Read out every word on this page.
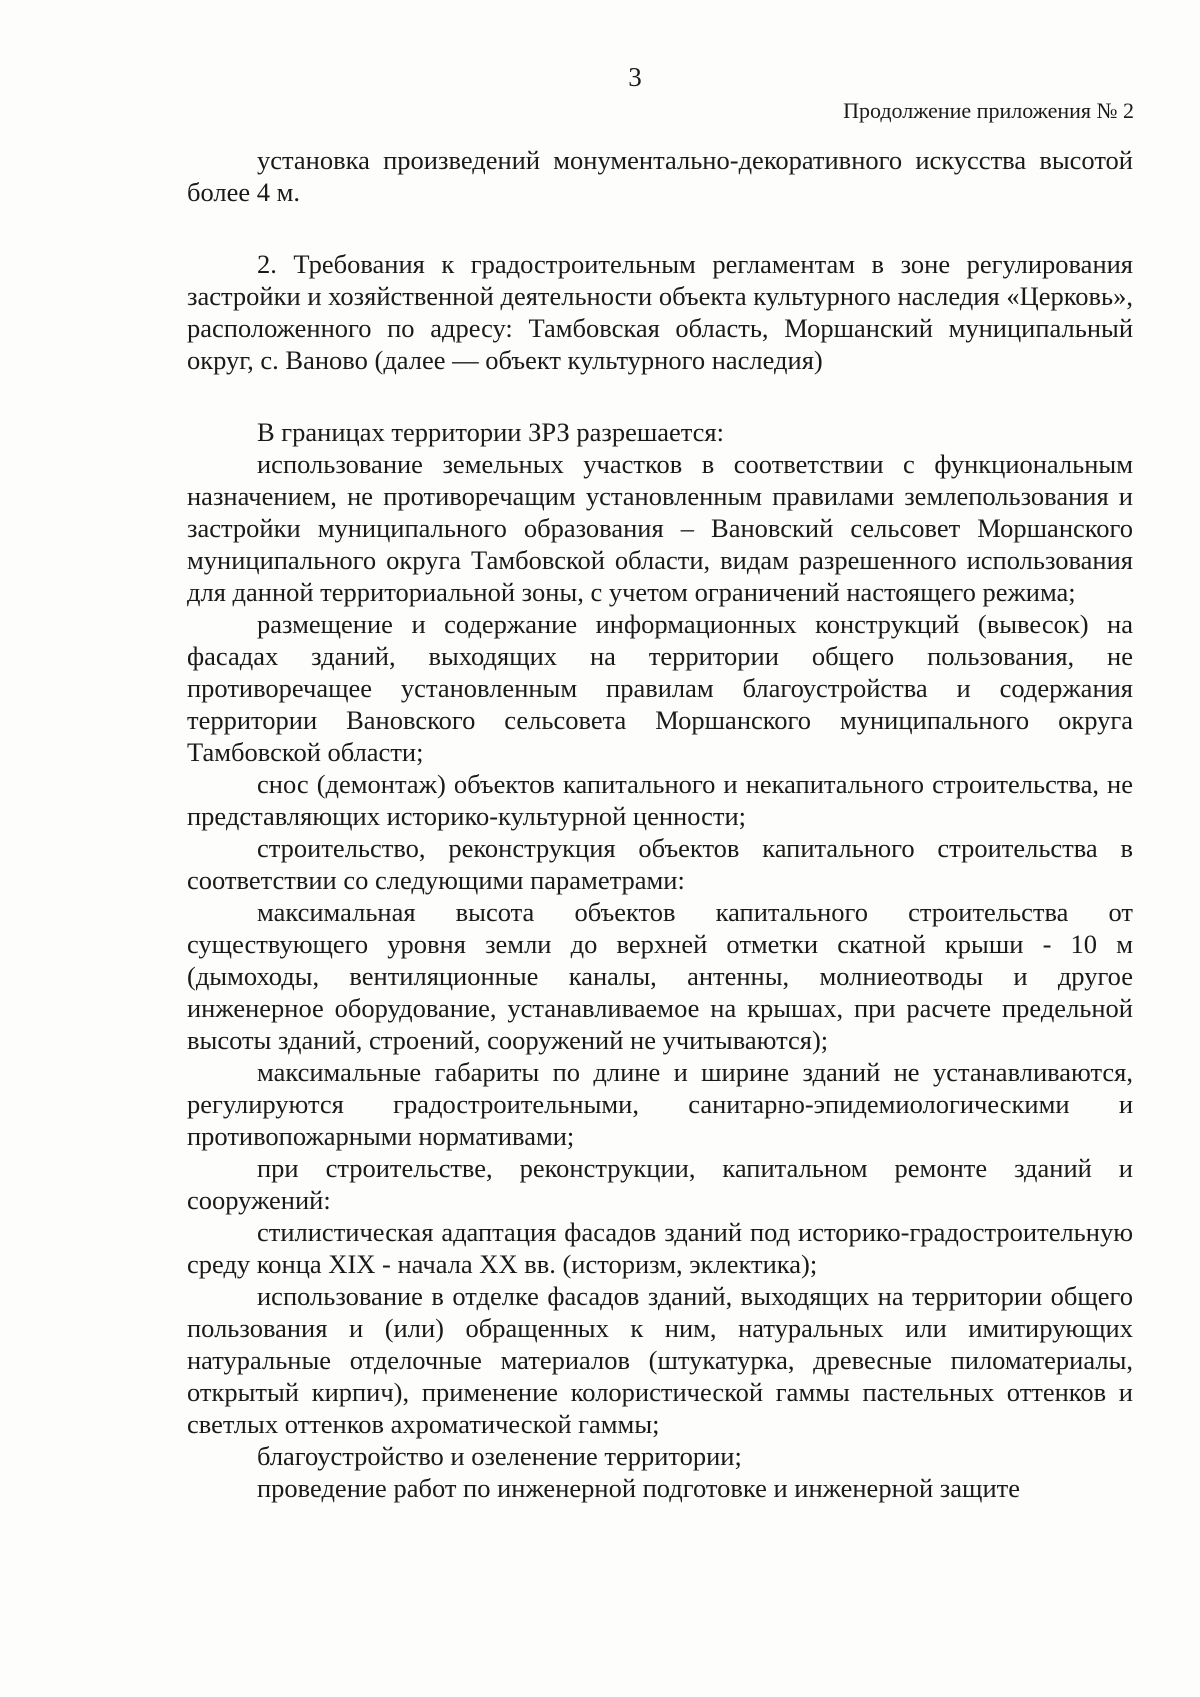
3
Продолжение приложения № 2

установка произведений монументально-декоративного искусства высотой более 4 м.

2. Требования к градостроительным регламентам в зоне регулирования застройки и хозяйственной деятельности объекта культурного наследия «Церковь», расположенного по адресу: Тамбовская область, Моршанский муниципальный округ, с. Ваново (далее — объект культурного наследия)

В границах территории ЗРЗ разрешается:

использование земельных участков в соответствии с функциональным назначением, не противоречащим установленным правилами землепользования и застройки муниципального образования – Вановский сельсовет Моршанского муниципального округа Тамбовской области, видам разрешенного использования для данной территориальной зоны, с учетом ограничений настоящего режима;

размещение и содержание информационных конструкций (вывесок) на фасадах зданий, выходящих на территории общего пользования, не противоречащее установленным правилам благоустройства и содержания территории Вановского сельсовета Моршанского муниципального округа Тамбовской области;

снос (демонтаж) объектов капитального и некапитального строительства, не представляющих историко-культурной ценности;

строительство, реконструкция объектов капитального строительства в соответствии со следующими параметрами:

максимальная высота объектов капитального строительства от существующего уровня земли до верхней отметки скатной крыши - 10 м (дымоходы, вентиляционные каналы, антенны, молниеотводы и другое инженерное оборудование, устанавливаемое на крышах, при расчете предельной высоты зданий, строений, сооружений не учитываются);

максимальные габариты по длине и ширине зданий не устанавливаются, регулируются градостроительными, санитарно-эпидемиологическими и противопожарными нормативами;

при строительстве, реконструкции, капитальном ремонте зданий и сооружений:

стилистическая адаптация фасадов зданий под историко-градостроительную среду конца XIX - начала XX вв. (историзм, эклектика);

использование в отделке фасадов зданий, выходящих на территории общего пользования и (или) обращенных к ним, натуральных или имитирующих натуральные отделочные материалов (штукатурка, древесные пиломатериалы, открытый кирпич), применение колористической гаммы пастельных оттенков и светлых оттенков ахроматической гаммы;

благоустройство и озеленение территории;

проведение работ по инженерной подготовке и инженерной защите
